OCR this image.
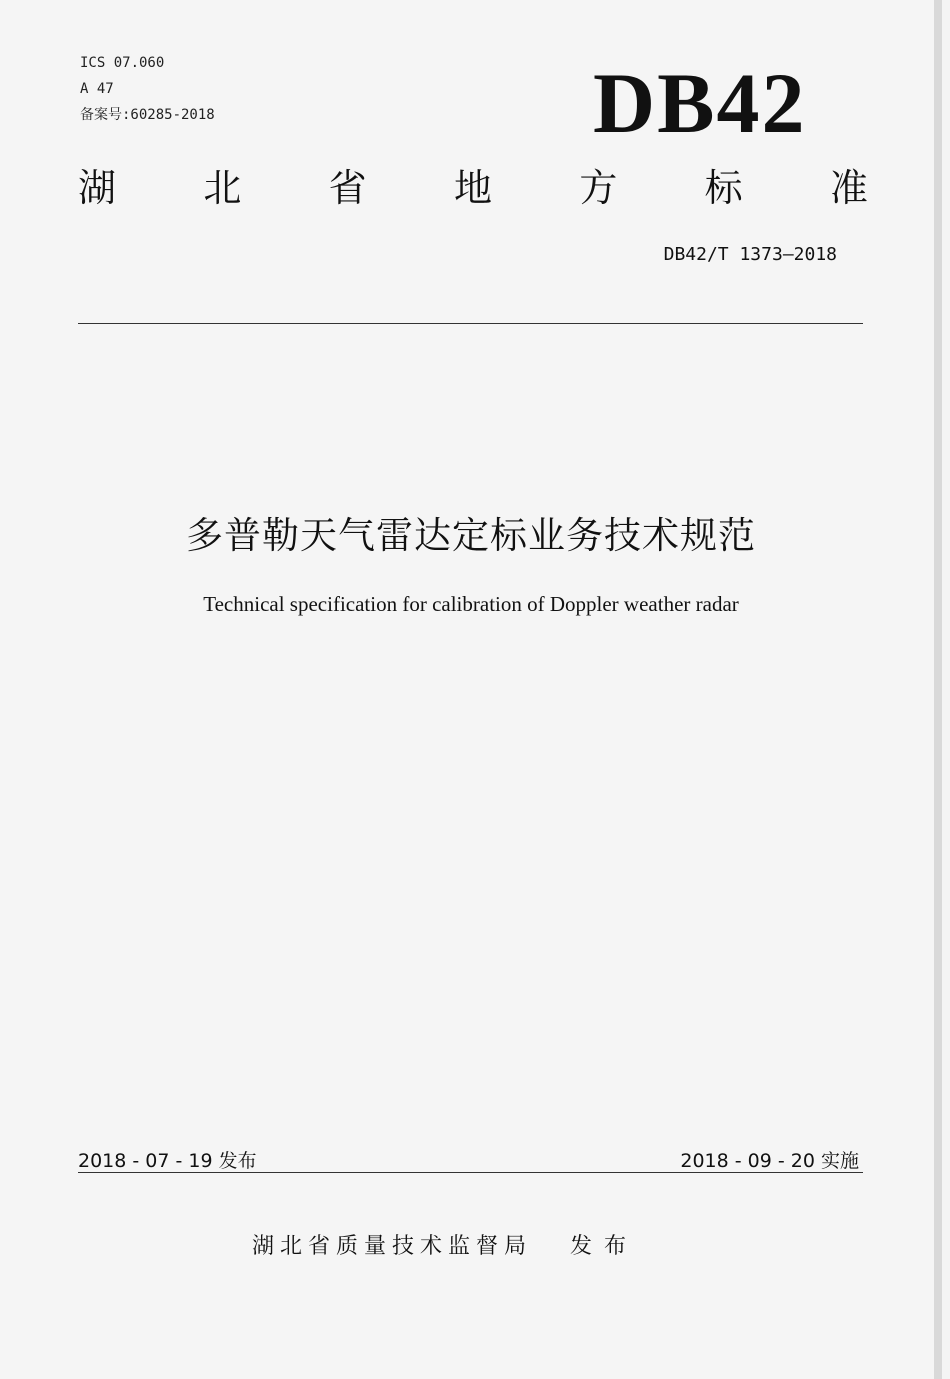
ICS 07.060
A 47
备案号:60285-2018	DB42
湖 北 省 地 方 标 准
DB42/T 1373—2018
多普勒天气雷达定标业务技术规范
Technical specification for calibration of Doppler weather radar
2018 - 07 - 19 发布	2018 - 09 - 20 实施
湖北省质量技术监督局 发布
